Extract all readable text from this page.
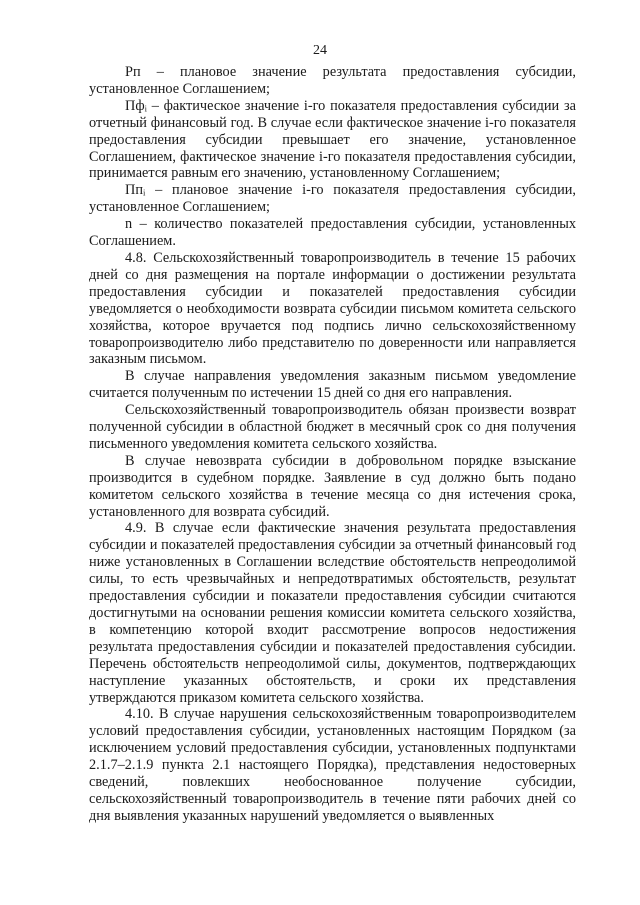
24

Рп – плановое значение результата предоставления субсидии, установленное Соглашением;

Пфᵢ – фактическое значение i-го показателя предоставления субсидии за отчетный финансовый год. В случае если фактическое значение i-го показателя предоставления субсидии превышает его значение, установленное Соглашением, фактическое значение i-го показателя предоставления субсидии, принимается равным его значению, установленному Соглашением;

Ппᵢ – плановое значение i-го показателя предоставления субсидии, установленное Соглашением;

n – количество показателей предоставления субсидии, установленных Соглашением.

4.8. Сельскохозяйственный товаропроизводитель в течение 15 рабочих дней со дня размещения на портале информации о достижении результата предоставления субсидии и показателей предоставления субсидии уведомляется о необходимости возврата субсидии письмом комитета сельского хозяйства, которое вручается под подпись лично сельскохозяйственному товаропроизводителю либо представителю по доверенности или направляется заказным письмом.

В случае направления уведомления заказным письмом уведомление считается полученным по истечении 15 дней со дня его направления.

Сельскохозяйственный товаропроизводитель обязан произвести возврат полученной субсидии в областной бюджет в месячный срок со дня получения письменного уведомления комитета сельского хозяйства.

В случае невозврата субсидии в добровольном порядке взыскание производится в судебном порядке. Заявление в суд должно быть подано комитетом сельского хозяйства в течение месяца со дня истечения срока, установленного для возврата субсидий.

4.9. В случае если фактические значения результата предоставления субсидии и показателей предоставления субсидии за отчетный финансовый год ниже установленных в Соглашении вследствие обстоятельств непреодолимой силы, то есть чрезвычайных и непредотвратимых обстоятельств, результат предоставления субсидии и показатели предоставления субсидии считаются достигнутыми на основании решения комиссии комитета сельского хозяйства, в компетенцию которой входит рассмотрение вопросов недостижения результата предоставления субсидии и показателей предоставления субсидии. Перечень обстоятельств непреодолимой силы, документов, подтверждающих наступление указанных обстоятельств, и сроки их представления утверждаются приказом комитета сельского хозяйства.

4.10. В случае нарушения сельскохозяйственным товаропроизводителем условий предоставления субсидии, установленных настоящим Порядком (за исключением условий предоставления субсидии, установленных подпунктами 2.1.7–2.1.9 пункта 2.1 настоящего Порядка), представления недостоверных сведений, повлекших необоснованное получение субсидии, сельскохозяйственный товаропроизводитель в течение пяти рабочих дней со дня выявления указанных нарушений уведомляется о выявленных
